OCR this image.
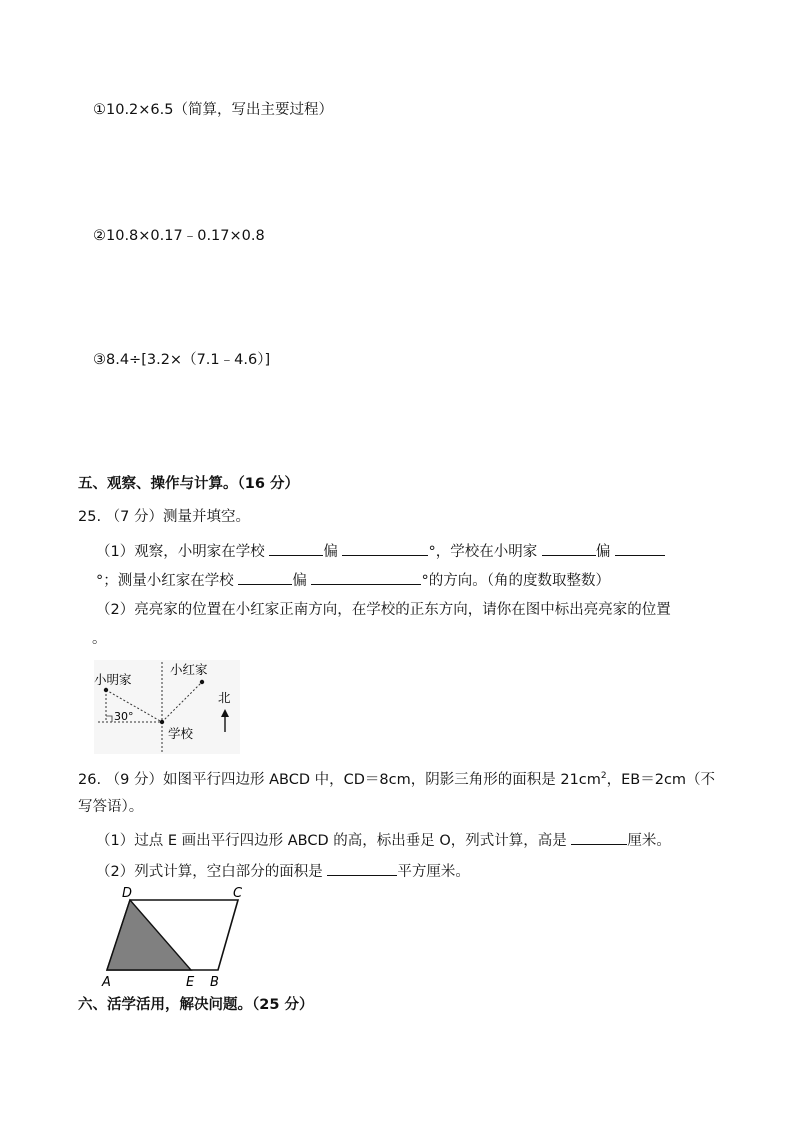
①10.2×6.5（简算，写出主要过程）
②10.8×0.17﹣0.17×0.8
③8.4÷[3.2×（7.1﹣4.6）]
五、观察、操作与计算。（16 分）
25. （7 分）测量并填空。
（1）观察，小明家在学校	偏	°，学校在小明家	偏
°；测量小红家在学校	偏	°的方向。（角的度数取整数）
（2）亮亮家的位置在小红家正南方向，在学校的正东方向，请你在图中标出亮亮家的位置
。
小明家
小红家
30°
学校
北
26. （9 分）如图平行四边形 ABCD 中，CD＝8cm，阴影三角形的面积是 $21cm^2$，EB＝2cm（不
写答语）。
（1）过点 E 画出平行四边形 ABCD 的高，标出垂足 O，列式计算，高是	厘米。
（2）列式计算，空白部分的面积是	平方厘米。
D	C
A	E B
六、活学活用，解决问题。（25 分）
